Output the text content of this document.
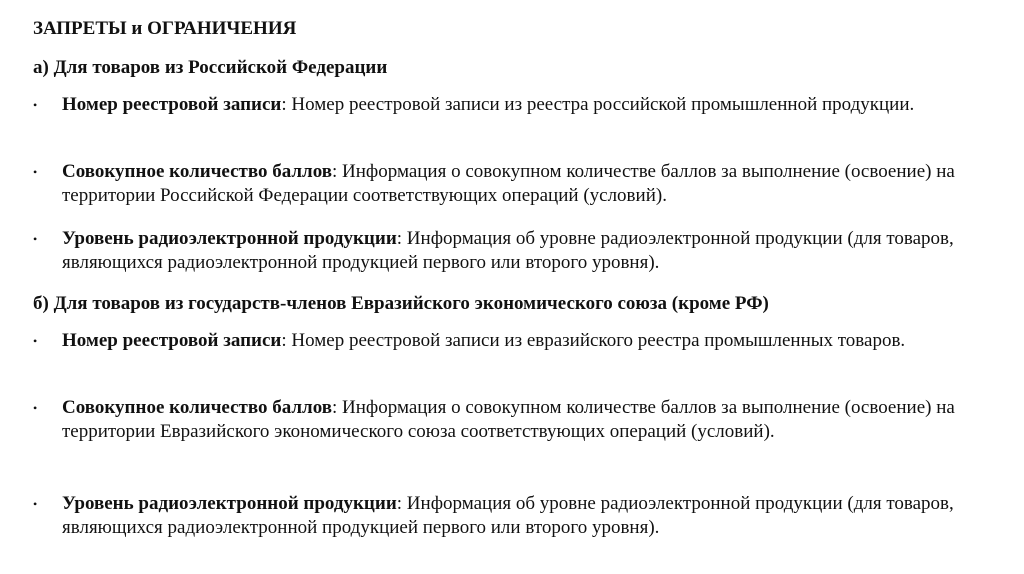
ЗАПРЕТЫ и ОГРАНИЧЕНИЯ
а) Для товаров из Российской Федерации
•	Номер реестровой записи: Номер реестровой записи из реестра российской промышленной продукции.
•	Совокупное количество баллов: Информация о совокупном количестве баллов за выполнение (освоение) на территории Российской Федерации соответствующих операций (условий).
•	Уровень радиоэлектронной продукции: Информация об уровне радиоэлектронной продукции (для товаров, являющихся радиоэлектронной продукцией первого или второго уровня).
б) Для товаров из государств-членов Евразийского экономического союза (кроме РФ)
•	Номер реестровой записи: Номер реестровой записи из евразийского реестра промышленных товаров.
•	Совокупное количество баллов: Информация о совокупном количестве баллов за выполнение (освоение) на территории Евразийского экономического союза соответствующих операций (условий).
•	Уровень радиоэлектронной продукции: Информация об уровне радиоэлектронной продукции (для товаров, являющихся радиоэлектронной продукцией первого или второго уровня).
